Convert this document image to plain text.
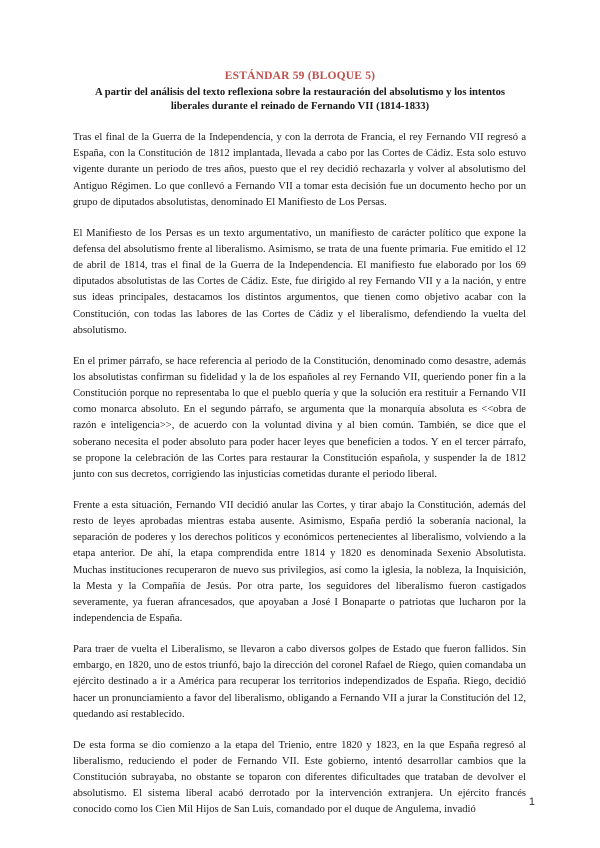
ESTÁNDAR 59 (BLOQUE 5)
A partir del análisis del texto reflexiona sobre la restauración del absolutismo y los intentos liberales durante el reinado de Fernando VII (1814-1833)

Tras el final de la Guerra de la Independencia, y con la derrota de Francia, el rey Fernando VII regresó a España, con la Constitución de 1812 implantada, llevada a cabo por las Cortes de Cádiz. Esta solo estuvo vigente durante un periodo de tres años, puesto que el rey decidió rechazarla y volver al absolutismo del Antiguo Régimen. Lo que conllevó a Fernando VII a tomar esta decisión fue un documento hecho por un grupo de diputados absolutistas, denominado El Manifiesto de Los Persas.

El Manifiesto de los Persas es un texto argumentativo, un manifiesto de carácter político que expone la defensa del absolutismo frente al liberalismo. Asimismo, se trata de una fuente primaria. Fue emitido el 12 de abril de 1814, tras el final de la Guerra de la Independencia. El manifiesto fue elaborado por los 69 diputados absolutistas de las Cortes de Cádiz. Este, fue dirigido al rey Fernando VII y a la nación, y entre sus ideas principales, destacamos los distintos argumentos, que tienen como objetivo acabar con la Constitución, con todas las labores de las Cortes de Cádiz y el liberalismo, defendiendo la vuelta del absolutismo.

En el primer párrafo, se hace referencia al periodo de la Constitución, denominado como desastre, además los absolutistas confirman su fidelidad y la de los españoles al rey Fernando VII, queriendo poner fin a la Constitución porque no representaba lo que el pueblo quería y que la solución era restituir a Fernando VII como monarca absoluto. En el segundo párrafo, se argumenta que la monarquía absoluta es <<obra de razón e inteligencia>>, de acuerdo con la voluntad divina y al bien común. También, se dice que el soberano necesita el poder absoluto para poder hacer leyes que beneficien a todos. Y en el tercer párrafo, se propone la celebración de las Cortes para restaurar la Constitución española, y suspender la de 1812 junto con sus decretos, corrigiendo las injusticias cometidas durante el periodo liberal.

Frente a esta situación, Fernando VII decidió anular las Cortes, y tirar abajo la Constitución, además del resto de leyes aprobadas mientras estaba ausente. Asimismo, España perdió la soberanía nacional, la separación de poderes y los derechos políticos y económicos pertenecientes al liberalismo, volviendo a la etapa anterior. De ahí, la etapa comprendida entre 1814 y 1820 es denominada Sexenio Absolutista. Muchas instituciones recuperaron de nuevo sus privilegios, así como la iglesia, la nobleza, la Inquisición, la Mesta y la Compañía de Jesús. Por otra parte, los seguidores del liberalismo fueron castigados severamente, ya fueran afrancesados, que apoyaban a José I Bonaparte o patriotas que lucharon por la independencia de España.

Para traer de vuelta el Liberalismo, se llevaron a cabo diversos golpes de Estado que fueron fallidos. Sin embargo, en 1820, uno de estos triunfó, bajo la dirección del coronel Rafael de Riego, quien comandaba un ejército destinado a ir a América para recuperar los territorios independizados de España. Riego, decidió hacer un pronunciamiento a favor del liberalismo, obligando a Fernando VII a jurar la Constitución del 12, quedando así restablecido.

De esta forma se dio comienzo a la etapa del Trienio, entre 1820 y 1823, en la que España regresó al liberalismo, reduciendo el poder de Fernando VII. Este gobierno, intentó desarrollar cambios que la Constitución subrayaba, no obstante se toparon con diferentes dificultades que trataban de devolver el absolutismo. El sistema liberal acabó derrotado por la intervención extranjera. Un ejército francés conocido como los Cien Mil Hijos de San Luis, comandado por el duque de Angulema, invadió

1
